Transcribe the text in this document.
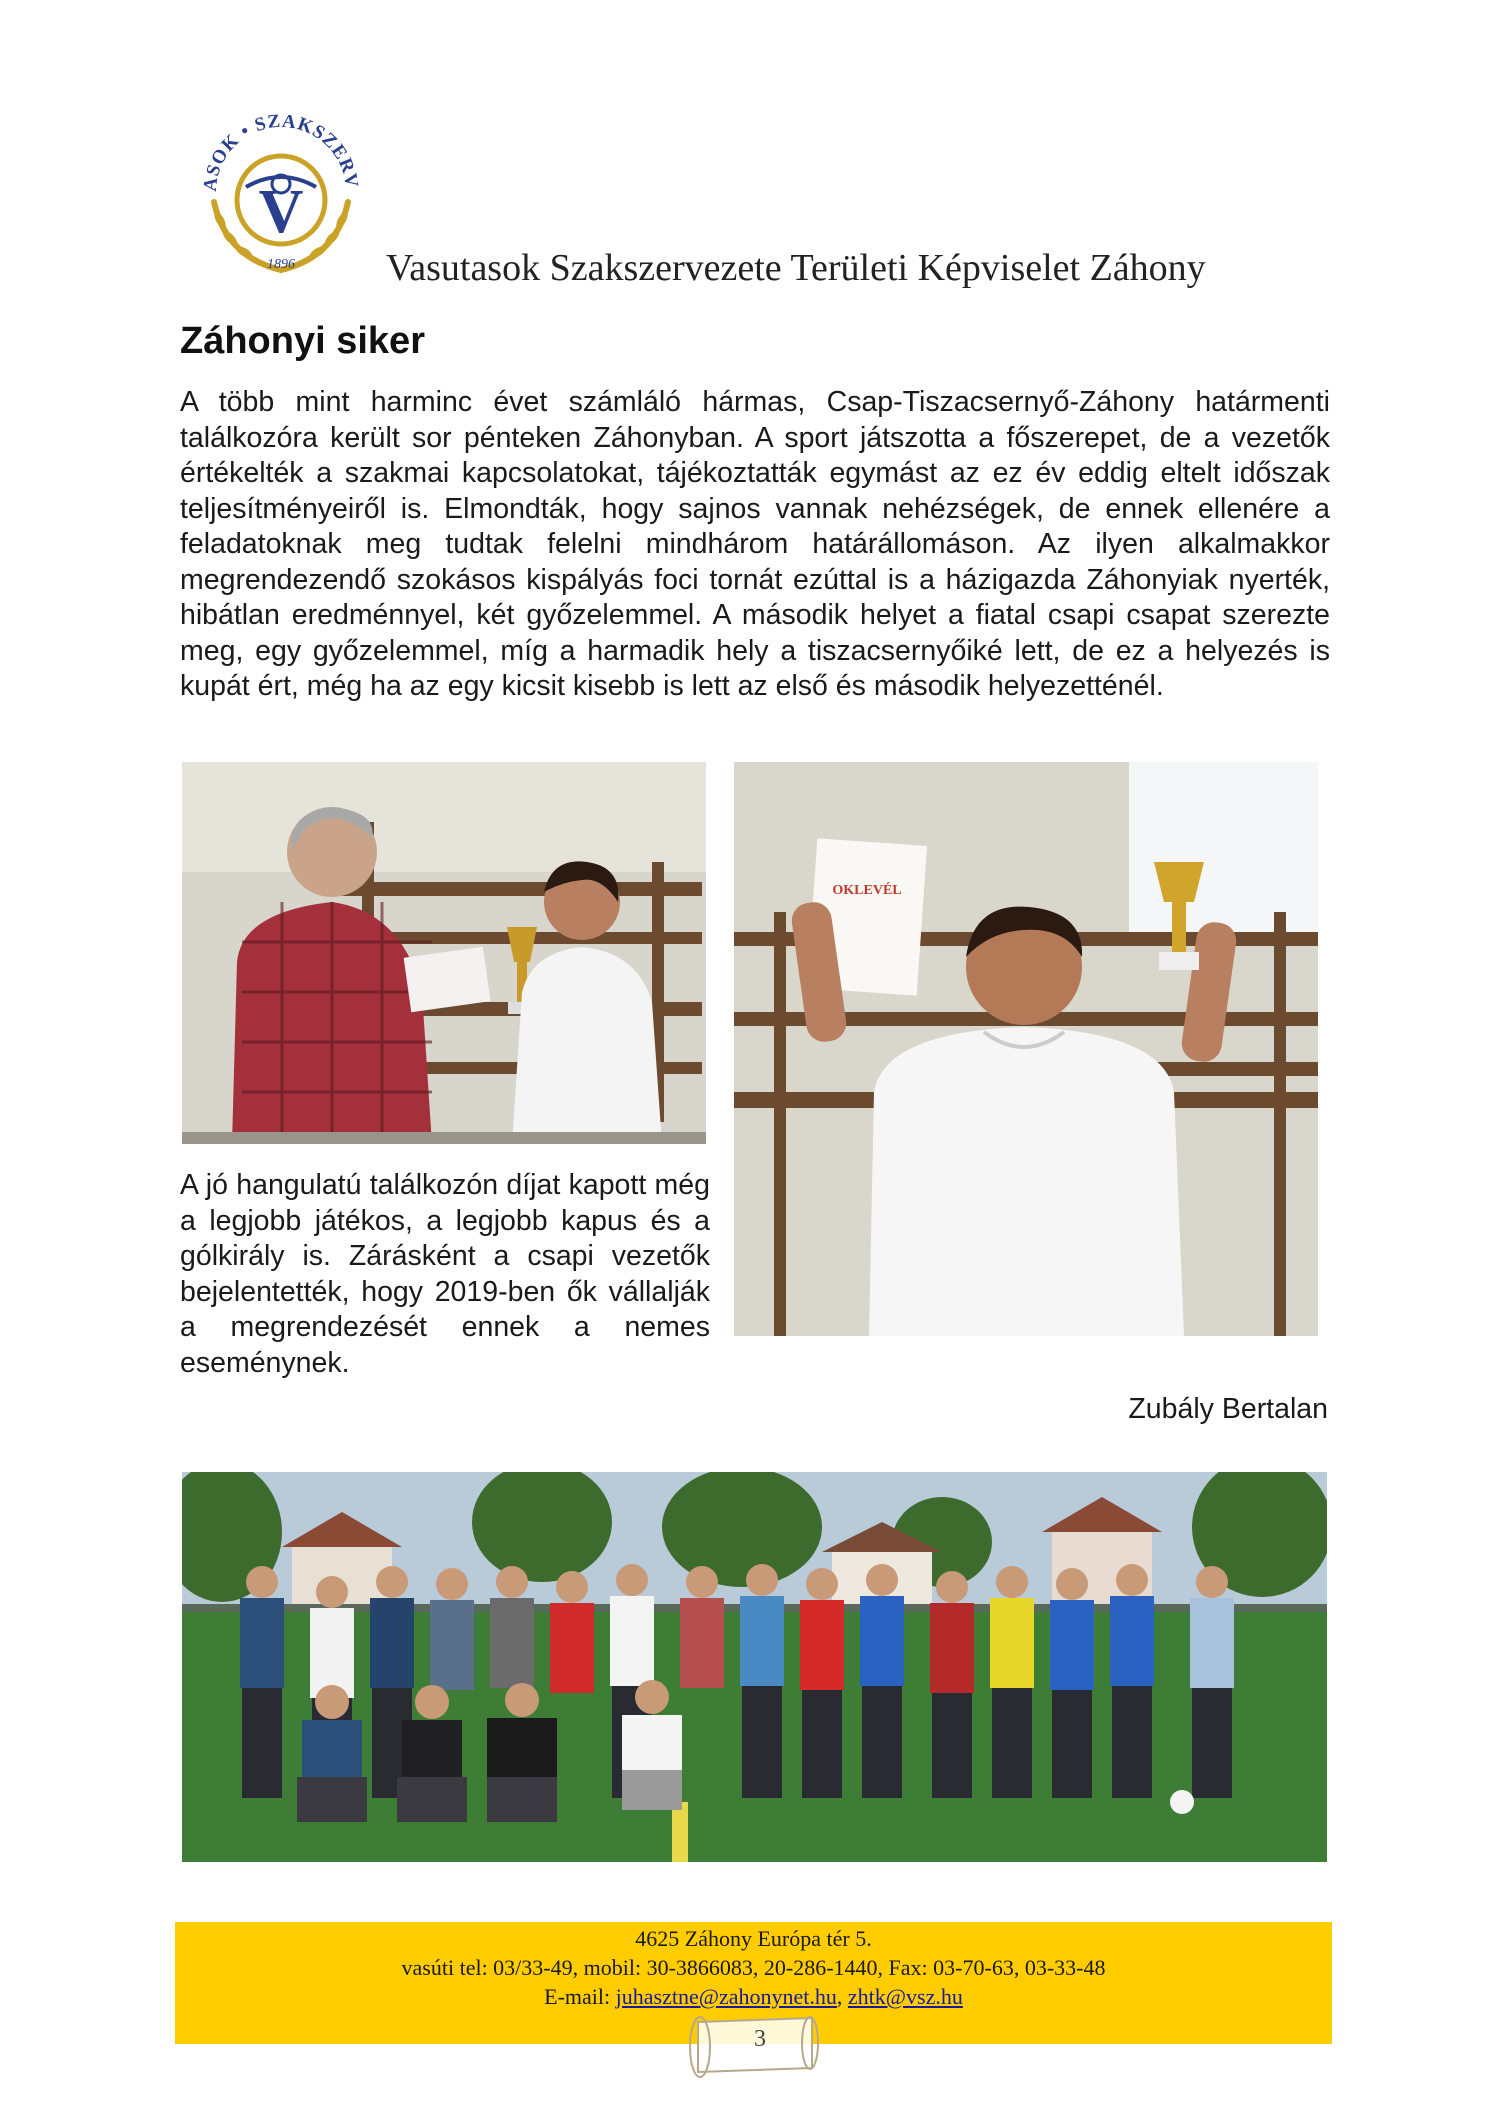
ASOK • SZAKSZERV
V
1896 Vasutasok Szakszervezete Területi Képviselet Záhony
Záhonyi siker

A több mint harminc évet számláló hármas, Csap-Tiszacsernyő-Záhony határmenti találkozóra került sor pénteken Záhonyban. A sport játszotta a főszerepet, de a vezetők értékelték a szakmai kapcsolatokat, tájékoztatták egymást az ez év eddig eltelt időszak teljesítményeiről is. Elmondták, hogy sajnos vannak nehézségek, de ennek ellenére a feladatoknak meg tudtak felelni mindhárom határállomáson. Az ilyen alkalmakkor megrendezendő szokásos kispályás foci tornát ezúttal is a házigazda Záhonyiak nyerték, hibátlan eredménnyel, két győzelemmel. A második helyet a fiatal csapi csapat szerezte meg, egy győzelemmel, míg a harmadik hely a tiszacsernyőiké lett, de ez a helyezés is kupát ért, még ha az egy kicsit kisebb is lett az első és második helyezetténél.

OKLEVÉL
A jó hangulatú találkozón díjat kapott még a legjobb játékos, a legjobb kapus és a gólkirály is. Zárásként a csapi vezetők bejelentették, hogy 2019-ben ők vállalják a megrendezését ennek a nemes eseménynek.
Zubály Bertalan
4625 Záhony Európa tér 5.
vasúti tel: 03/33-49, mobil: 30-3866083, 20-286-1440, Fax: 03-70-63, 03-33-48
E-mail: juhasztne@zahonynet.hu, zhtk@vsz.hu
3
